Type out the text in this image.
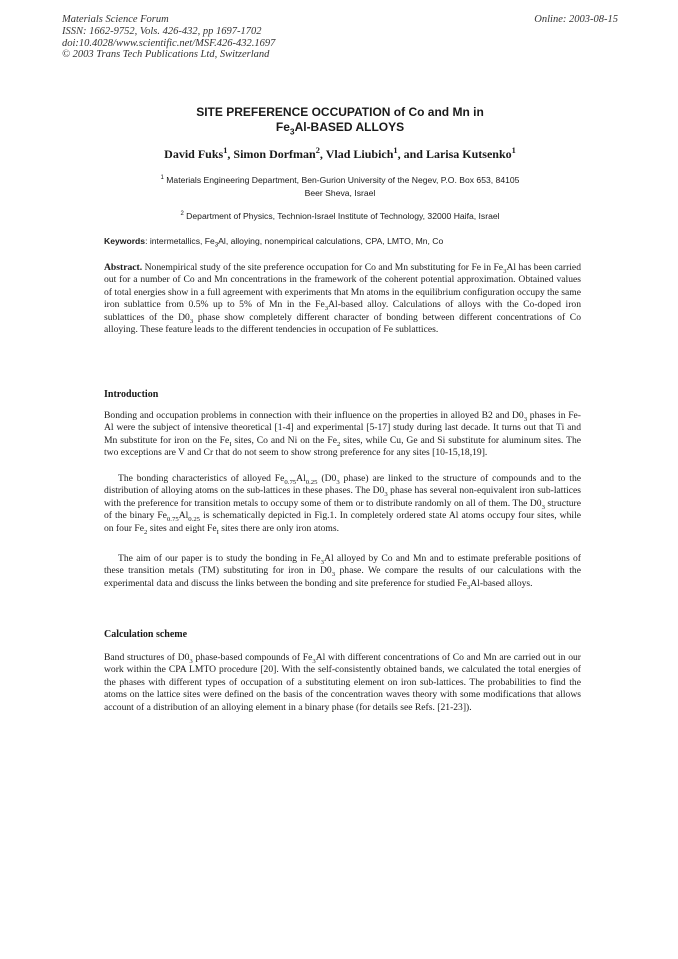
Materials Science Forum
ISSN: 1662-9752, Vols. 426-432, pp 1697-1702
doi:10.4028/www.scientific.net/MSF.426-432.1697
© 2003 Trans Tech Publications Ltd, Switzerland
Online: 2003-08-15
SITE PREFERENCE OCCUPATION of Co and Mn in
$Fe_3Al$-BASED ALLOYS
David Fuks$^1$, Simon Dorfman$^2$, Vlad Liubich$^1$, and Larisa Kutsenko$^1$
$^1$ Materials Engineering Department, Ben-Gurion University of the Negev, P.O. Box 653, 84105
Beer Sheva, Israel
$^2$ Department of Physics, Technion-Israel Institute of Technology, 32000 Haifa, Israel
Keywords: intermetallics, $Fe_3Al$, alloying, nonempirical calculations, CPA, LMTO, Mn, Co
Abstract. Nonempirical study of the site preference occupation for Co and Mn substituting for Fe in $Fe_3Al$ has been carried out for a number of Co and Mn concentrations in the framework of the coherent potential approximation. Obtained values of total energies show in a full agreement with experiments that Mn atoms in the equilibrium configuration occupy the same iron sublattice from 0.5% up to 5% of Mn in the $Fe_3Al$-based alloy. Calculations of alloys with the Co-doped iron sublattices of the $D0_3$ phase show completely different character of bonding between different concentrations of Co alloying. These feature leads to the different tendencies in occupation of Fe sublattices.
Introduction
Bonding and occupation problems in connection with their influence on the properties in alloyed B2 and $D0_3$ phases in Fe-Al were the subject of intensive theoretical [1-4] and experimental [5-17] study during last decade. It turns out that Ti and Mn substitute for iron on the $Fe_I$ sites, Co and Ni on the $Fe_2$ sites, while Cu, Ge and Si substitute for aluminum sites. The two exceptions are V and Cr that do not seem to show strong preference for any sites [10-15,18,19].
The bonding characteristics of alloyed $Fe_{0.75}Al_{0.25}$ ($D0_3$ phase) are linked to the structure of compounds and to the distribution of alloying atoms on the sub-lattices in these phases. The $D0_3$ phase has several non-equivalent iron sub-lattices with the preference for transition metals to occupy some of them or to distribute randomly on all of them. The $D0_3$ structure of the binary $Fe_{0.75}Al_{0.25}$ is schematically depicted in Fig.1. In completely ordered state Al atoms occupy four sites, while on four $Fe_2$ sites and eight $Fe_I$ sites there are only iron atoms.
The aim of our paper is to study the bonding in $Fe_3Al$ alloyed by Co and Mn and to estimate preferable positions of these transition metals (TM) substituting for iron in $D0_3$ phase. We compare the results of our calculations with the experimental data and discuss the links between the bonding and site preference for studied $Fe_3Al$-based alloys.
Calculation scheme
Band structures of $D0_3$ phase-based compounds of $Fe_3Al$ with different concentrations of Co and Mn are carried out in our work within the CPA LMTO procedure [20]. With the self-consistently obtained bands, we calculated the total energies of the phases with different types of occupation of a substituting element on iron sub-lattices. The probabilities to find the atoms on the lattice sites were defined on the basis of the concentration waves theory with some modifications that allows account of a distribution of an alloying element in a binary phase (for details see Refs. [21-23]).
